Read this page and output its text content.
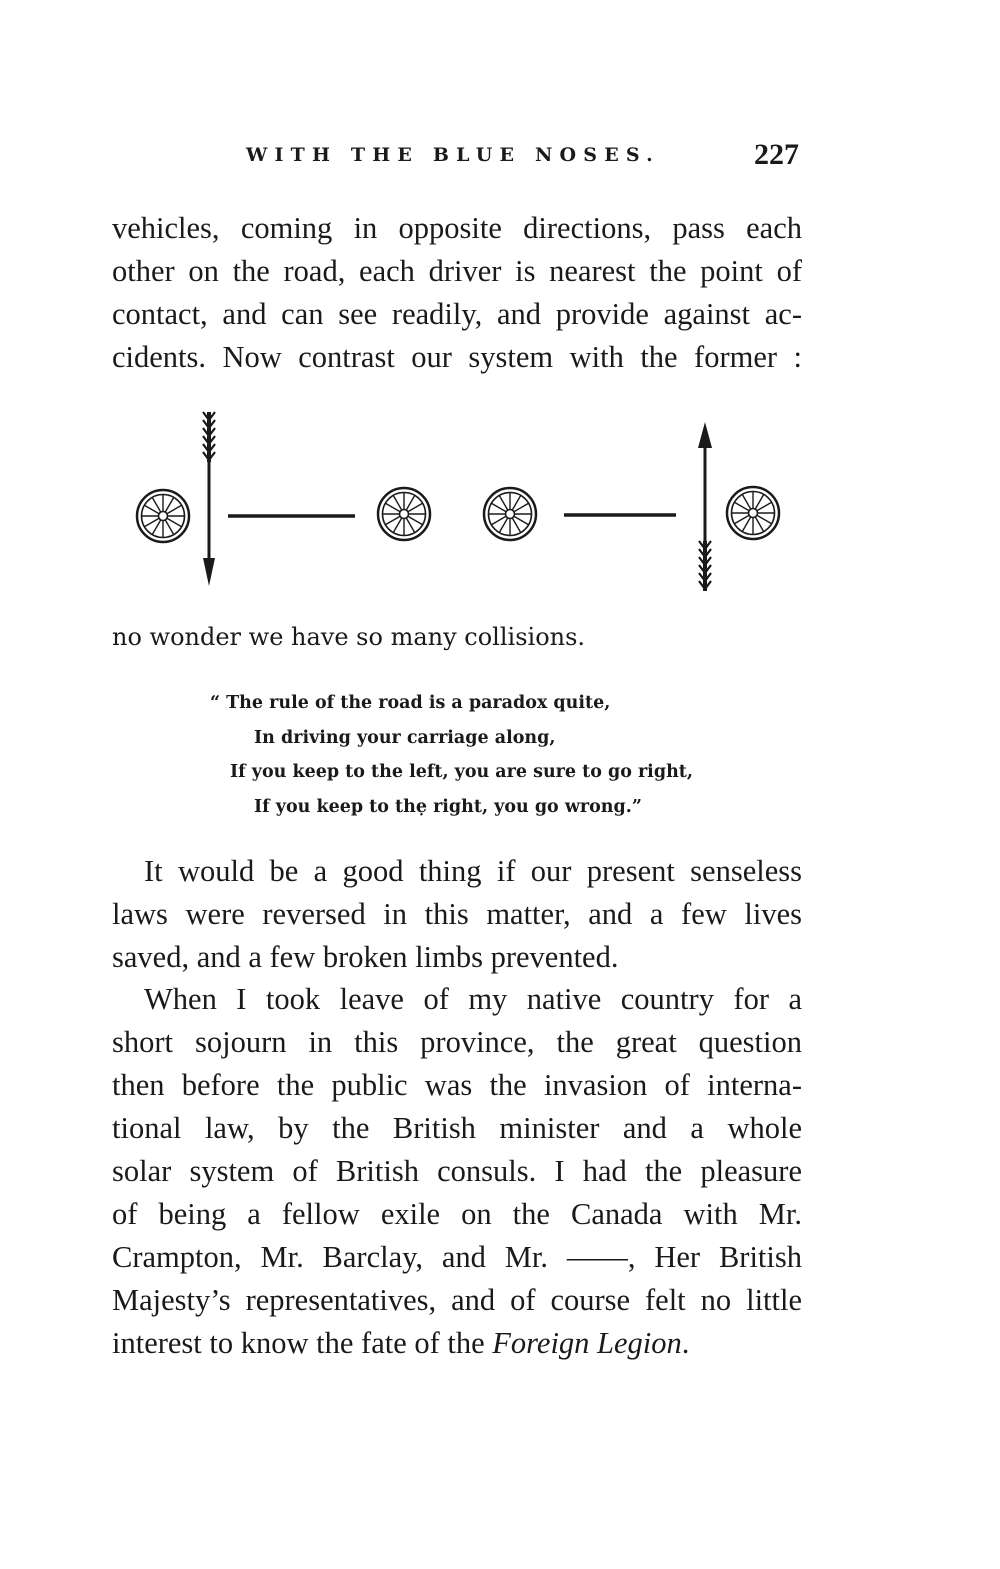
WITH THE BLUE NOSES.	227
vehicles, coming in opposite directions, pass each
other on the road, each driver is nearest the point of
contact, and can see readily, and provide against ac-
cidents. Now contrast our system with the former :
no wonder we have so many collisions.
“ The rule of the road is a paradox quite,
In driving your carriage along,
If you keep to the left, you are sure to go right,
If you keep to thẹ right, you go wrong.”
It would be a good thing if our present senseless
laws were reversed in this matter, and a few lives
saved, and a few broken limbs prevented.
When I took leave of my native country for a
short sojourn in this province, the great question
then before the public was the invasion of interna-
tional law, by the British minister and a whole
solar system of British consuls. I had the pleasure
of being a fellow exile on the Canada with Mr.
Crampton, Mr. Barclay, and Mr. ——, Her British
Majesty’s representatives, and of course felt no little
interest to know the fate of the Foreign Legion.
